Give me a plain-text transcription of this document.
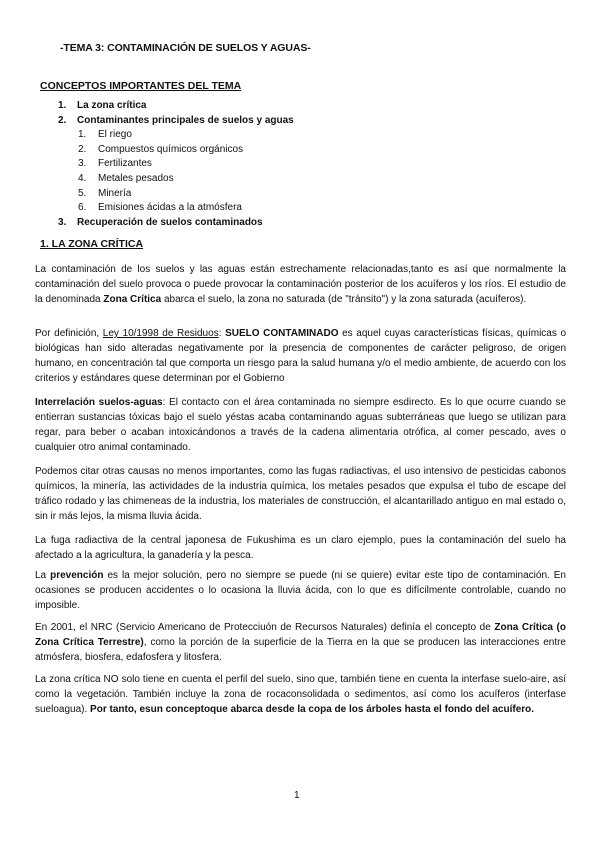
-TEMA 3: CONTAMINACIÓN DE SUELOS Y AGUAS-
CONCEPTOS IMPORTANTES DEL TEMA
1. La zona crítica
2. Contaminantes principales de suelos y aguas
1. El riego
2. Compuestos químicos orgánicos
3. Fertilizantes
4. Metales pesados
5. Minería
6. Emisiones ácidas a la atmósfera
3. Recuperación de suelos contaminados
1. LA ZONA CRÍTICA

La contaminación de los suelos y las aguas están estrechamente relacionadas,tanto es así que normalmente la contaminación del suelo provoca o puede provocar la contaminación posterior de los acuíferos y los ríos. El estudio de la denominada Zona Crítica abarca el suelo, la zona no saturada (de "tránsito") y la zona saturada (acuíferos).

Por definición, Ley 10/1998 de Residuos: SUELO CONTAMINADO es aquel cuyas características físicas, químicas o biológicas han sido alteradas negativamente por la presencia de componentes de carácter peligroso, de origen humano, en concentración tal que comporta un riesgo para la salud humana y/o el medio ambiente, de acuerdo con los criterios y estándares quese determinan por el Gobierno

Interrelación suelos-aguas: El contacto con el área contaminada no siempre esdirecto. Es lo que ocurre cuando se entierran sustancias tóxicas bajo el suelo yéstas acaba contaminando aguas subterráneas que luego se utilizan para regar, para beber o acaban intoxicándonos a través de la cadena alimentaria otrófica, al comer pescado, aves o cualquier otro animal contaminado.

Podemos citar otras causas no menos importantes, como las fugas radiactivas, el uso intensivo de pesticidas cabonos químicos, la minería, las actividades de la industria química, los metales pesados que expulsa el tubo de escape del tráfico rodado y las chimeneas de la industria, los materiales de construcción, el alcantarillado antiguo en mal estado o, sin ir más lejos, la misma lluvia ácida.

La fuga radiactiva de la central japonesa de Fukushima es un claro ejemplo, pues la contaminación del suelo ha afectado a la agricultura, la ganadería y la pesca.

La prevención es la mejor solución, pero no siempre se puede (ni se quiere) evitar este tipo de contaminación. En ocasiones se producen accidentes o lo ocasiona la lluvia ácida, con lo que es difícilmente controlable, cuando no imposible.

En 2001, el NRC (Servicio Americano de Protecciuón de Recursos Naturales) definía el concepto de Zona Crítica (o Zona Crítica Terrestre), como la porción de la superficie de la Tierra en la que se producen las interacciones entre atmósfera, biosfera, edafosfera y litosfera.

La zona crítica NO solo tiene en cuenta el perfil del suelo, sino que, también tiene en cuenta la interfase suelo-aire, así como la vegetación. También incluye la zona de rocaconsolidada o sedimentos, así como los acuíferos (interfase sueloagua). Por tanto, esun conceptoque abarca desde la copa de los árboles hasta el fondo del acuífero.

1
